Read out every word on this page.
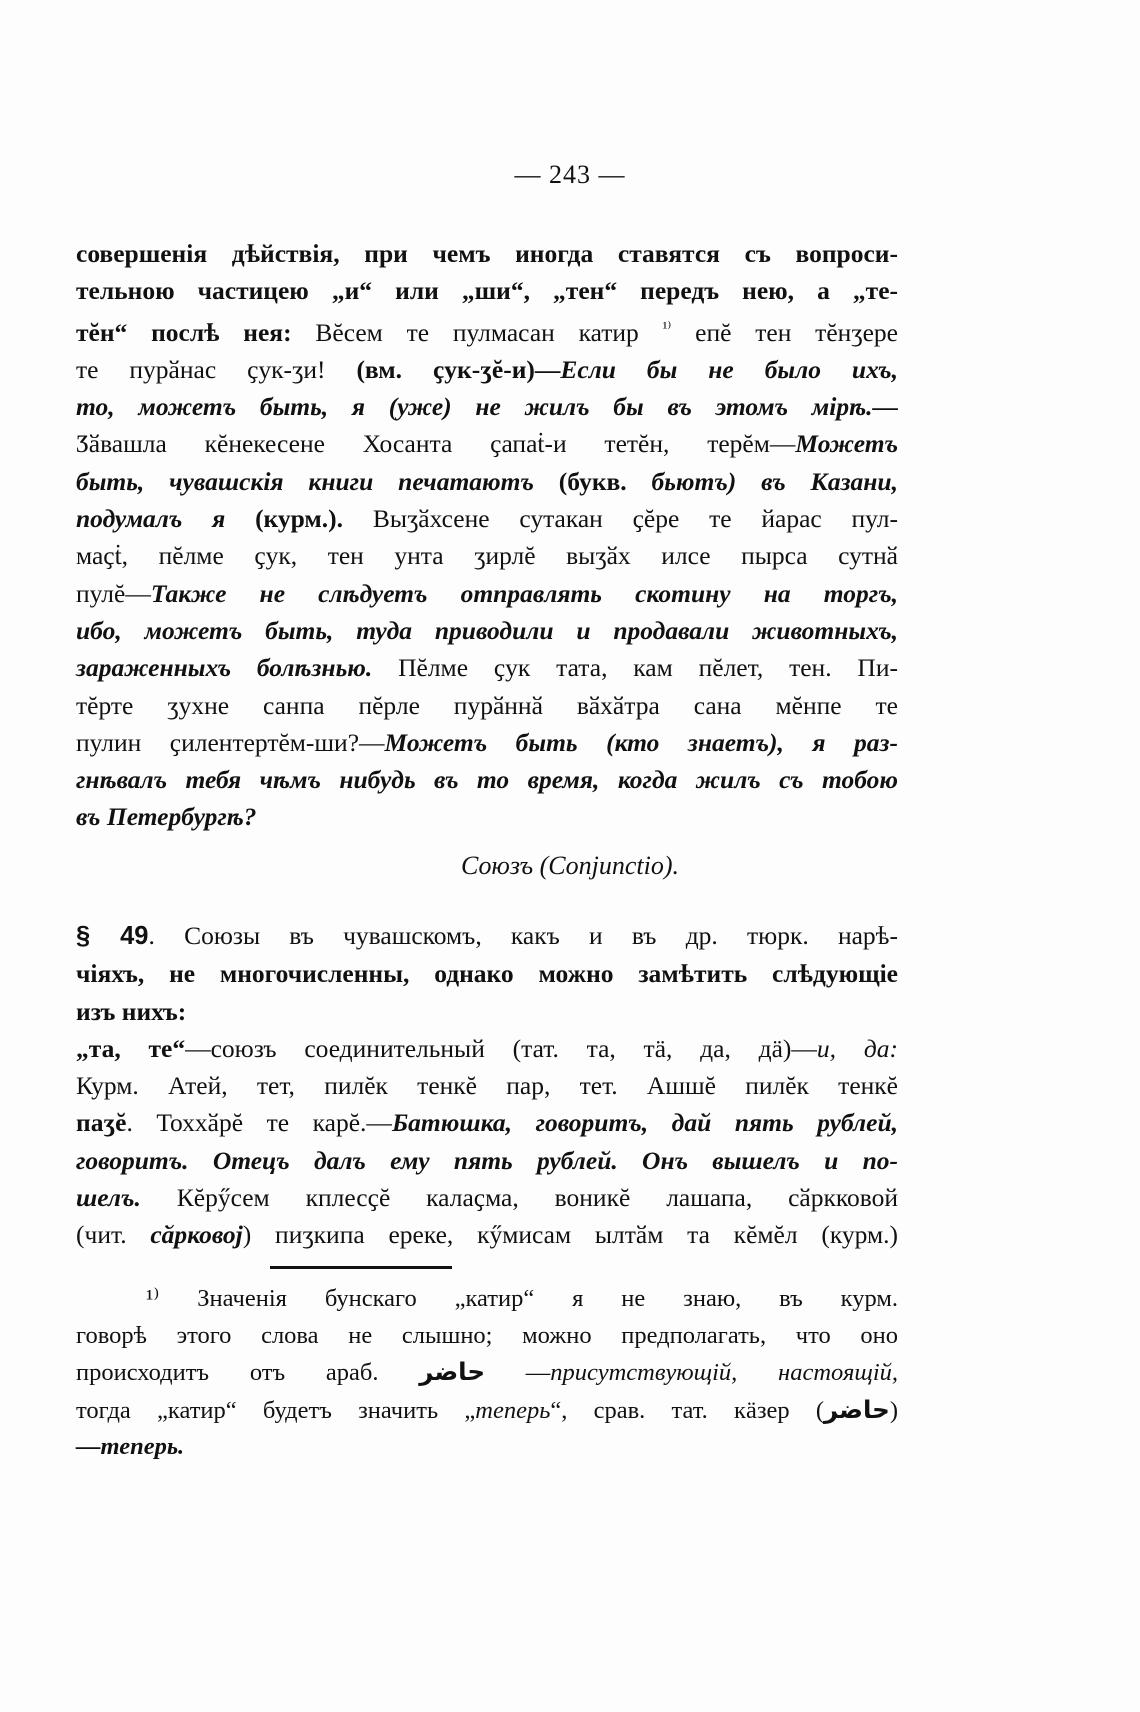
— 243 —
совершенія дѣйствія, при чемъ иногда ставятся съ вопроси-
тельною частицею „и“ или „ши“, „тен“ передъ нею, а „те-
тĕн“ послѣ нея: Вĕсем те пулмасан катир $^{^{1)}}$ епĕ тен тĕнӡере
те пурӑнас ҫук-ӡи! (вм. ҫук-ӡĕ-и)—Если бы не было ихъ,
то, можетъ быть, я (уже) не жилъ бы въ этомъ мірѣ.—
Ӡӑвашла кĕнекесене Хосанта ҫапаṫ-и тетĕн, терĕм—Можетъ
быть, чувашскія книги печатаютъ (букв. бьютъ) въ Казани,
подумалъ я (курм.). Выӡӑхсене сутакан ҫĕре те йарас пул-
маҫṫ, пĕлме ҫук, тен унта ӡирлĕ выӡӑх илсе пырса сутнӑ
пулĕ—Также не слѣдуетъ отправлять скотину на торгъ,
ибо, можетъ быть, туда приводили и продавали животныхъ,
зараженныхъ болѣзнью. Пĕлме ҫук тата, кам пĕлет, тен. Пи-
тĕрте ӡухне санпа пĕрле пурӑннӑ вӑхӑтра сана мĕнпе те
пулин ҫилентертĕм-ши?—Можетъ быть (кто знаетъ), я раз-
гнѣвалъ тебя чѣмъ нибудь въ то время, когда жилъ съ тобою
въ Петербургѣ?
Союзъ (Conjunctio).
§ 49. Союзы въ чувашскомъ, какъ и въ др. тюрк. нарѣ-
чіяхъ, не многочисленны, однако можно замѣтить слѣдующіе
изъ нихъ:
„та, те“—союзъ соединительный (тат. та, тӓ, да, дӓ)—и, да:
Курм. Атей, тет, пилĕк тенкĕ пар, тет. Ашшĕ пилĕк тенкĕ
паӡĕ. Тоххӑрĕ те карĕ.—Батюшка, говоритъ, дай пять рублей,
говоритъ. Отецъ далъ ему пять рублей. Онъ вышелъ и по-
шелъ. Кĕрӳсем кплесҫĕ калаҫма, воникĕ лашапа, сӑркковой
(чит. сӑрковој) пиӡкипа ереке, кӳмисам ылтӑм та кĕмĕл (курм.)
¹⁾ Значенія бунскаго „катир“ я не знаю, въ курм.
говорѣ этого слова не слышно; можно предполагать, что оно
происходитъ отъ араб. حاضر —присутствующій, настоящій,
тогда „катир“ будетъ значить „теперь“, срав. тат. кӓзер (حاضر)
—теперь.
